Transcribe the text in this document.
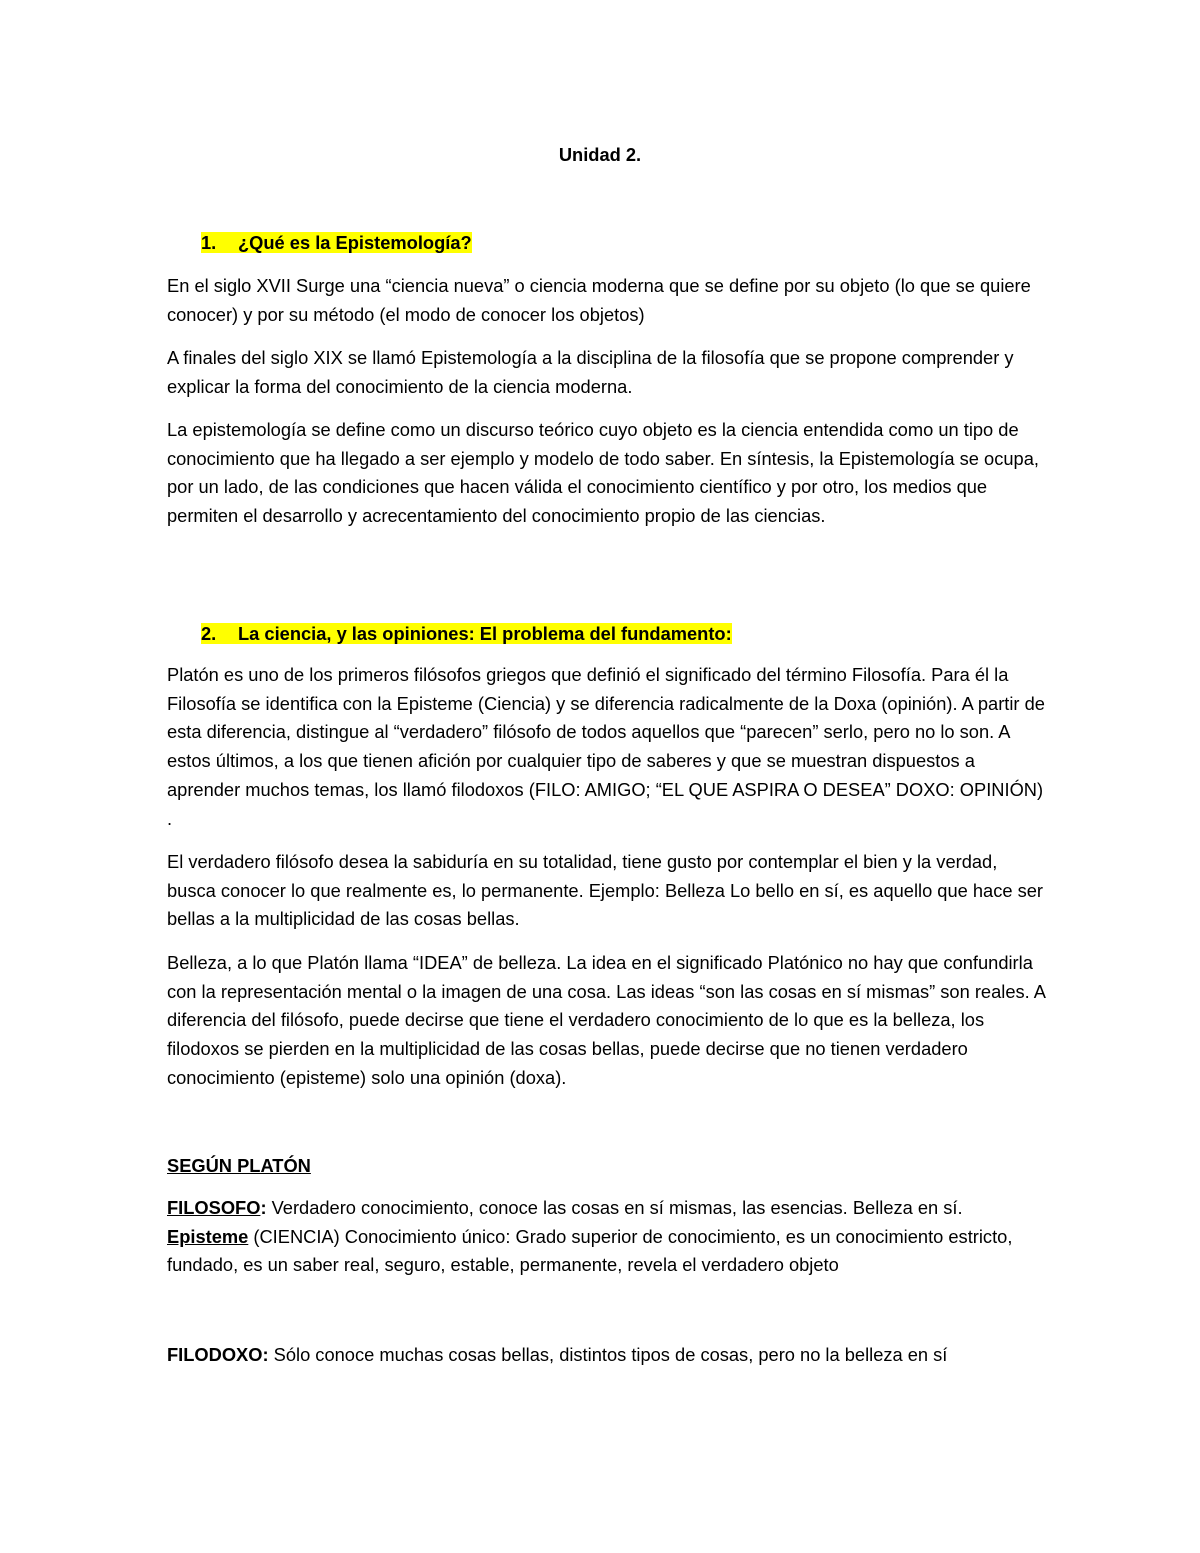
Unidad 2.
1. ¿Qué es la Epistemología?

En el siglo XVII Surge una “ciencia nueva” o ciencia moderna que se define por su objeto (lo que se quiere conocer) y por su método (el modo de conocer los objetos)

A finales del siglo XIX se llamó Epistemología a la disciplina de la filosofía que se propone comprender y explicar la forma del conocimiento de la ciencia moderna.

La epistemología se define como un discurso teórico cuyo objeto es la ciencia entendida como un tipo de conocimiento que ha llegado a ser ejemplo y modelo de todo saber. En síntesis, la Epistemología se ocupa, por un lado, de las condiciones que hacen válida el conocimiento científico y por otro, los medios que permiten el desarrollo y acrecentamiento del conocimiento propio de las ciencias.

2. La ciencia, y las opiniones: El problema del fundamento:

Platón es uno de los primeros filósofos griegos que definió el significado del término Filosofía. Para él la Filosofía se identifica con la Episteme (Ciencia) y se diferencia radicalmente de la Doxa (opinión). A partir de esta diferencia, distingue al “verdadero” filósofo de todos aquellos que “parecen” serlo, pero no lo son. A estos últimos, a los que tienen afición por cualquier tipo de saberes y que se muestran dispuestos a aprender muchos temas, los llamó filodoxos (FILO: AMIGO; “EL QUE ASPIRA O DESEA” DOXO: OPINIÓN) .

El verdadero filósofo desea la sabiduría en su totalidad, tiene gusto por contemplar el bien y la verdad, busca conocer lo que realmente es, lo permanente. Ejemplo: Belleza Lo bello en sí, es aquello que hace ser bellas a la multiplicidad de las cosas bellas.

Belleza, a lo que Platón llama “IDEA” de belleza. La idea en el significado Platónico no hay que confundirla con la representación mental o la imagen de una cosa. Las ideas “son las cosas en sí mismas” son reales. A diferencia del filósofo, puede decirse que tiene el verdadero conocimiento de lo que es la belleza, los filodoxos se pierden en la multiplicidad de las cosas bellas, puede decirse que no tienen verdadero conocimiento (episteme) solo una opinión (doxa).

SEGÚN PLATÓN

FILOSOFO: Verdadero conocimiento, conoce las cosas en sí mismas, las esencias. Belleza en sí.
Episteme (CIENCIA) Conocimiento único: Grado superior de conocimiento, es un conocimiento estricto, fundado, es un saber real, seguro, estable, permanente, revela el verdadero objeto

FILODOXO: Sólo conoce muchas cosas bellas, distintos tipos de cosas, pero no la belleza en sí
